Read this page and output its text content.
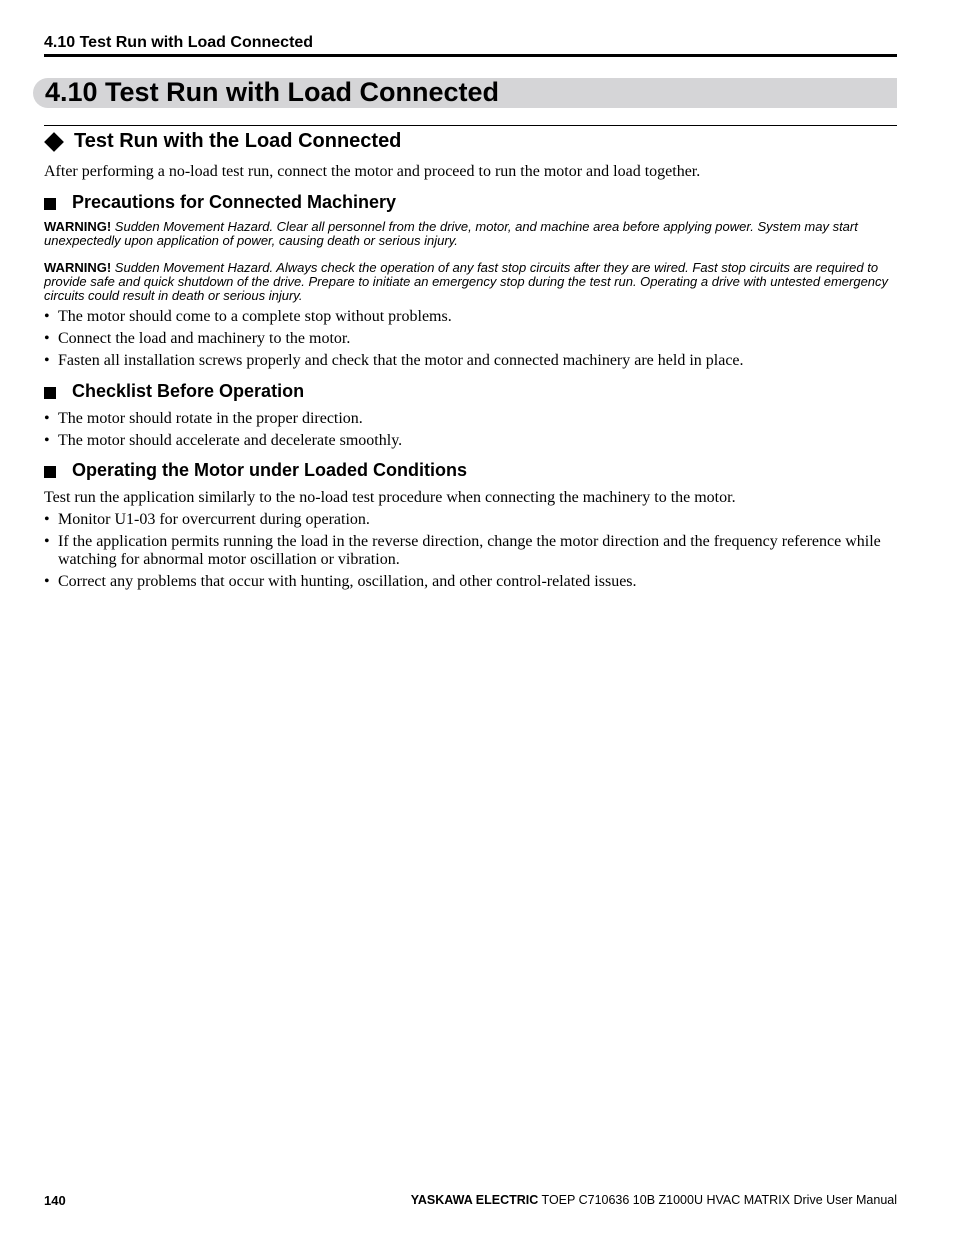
4.10 Test Run with Load Connected
4.10 Test Run with Load Connected
Test Run with the Load Connected
After performing a no-load test run, connect the motor and proceed to run the motor and load together.
Precautions for Connected Machinery
WARNING! Sudden Movement Hazard. Clear all personnel from the drive, motor, and machine area before applying power. System may start unexpectedly upon application of power, causing death or serious injury.
WARNING! Sudden Movement Hazard. Always check the operation of any fast stop circuits after they are wired. Fast stop circuits are required to provide safe and quick shutdown of the drive. Prepare to initiate an emergency stop during the test run. Operating a drive with untested emergency circuits could result in death or serious injury.
• The motor should come to a complete stop without problems.
• Connect the load and machinery to the motor.
• Fasten all installation screws properly and check that the motor and connected machinery are held in place.
Checklist Before Operation
• The motor should rotate in the proper direction.
• The motor should accelerate and decelerate smoothly.
Operating the Motor under Loaded Conditions
Test run the application similarly to the no-load test procedure when connecting the machinery to the motor.
• Monitor U1-03 for overcurrent during operation.
• If the application permits running the load in the reverse direction, change the motor direction and the frequency reference while watching for abnormal motor oscillation or vibration.
• Correct any problems that occur with hunting, oscillation, and other control-related issues.
140	YASKAWA ELECTRIC TOEP C710636 10B Z1000U HVAC MATRIX Drive User Manual
